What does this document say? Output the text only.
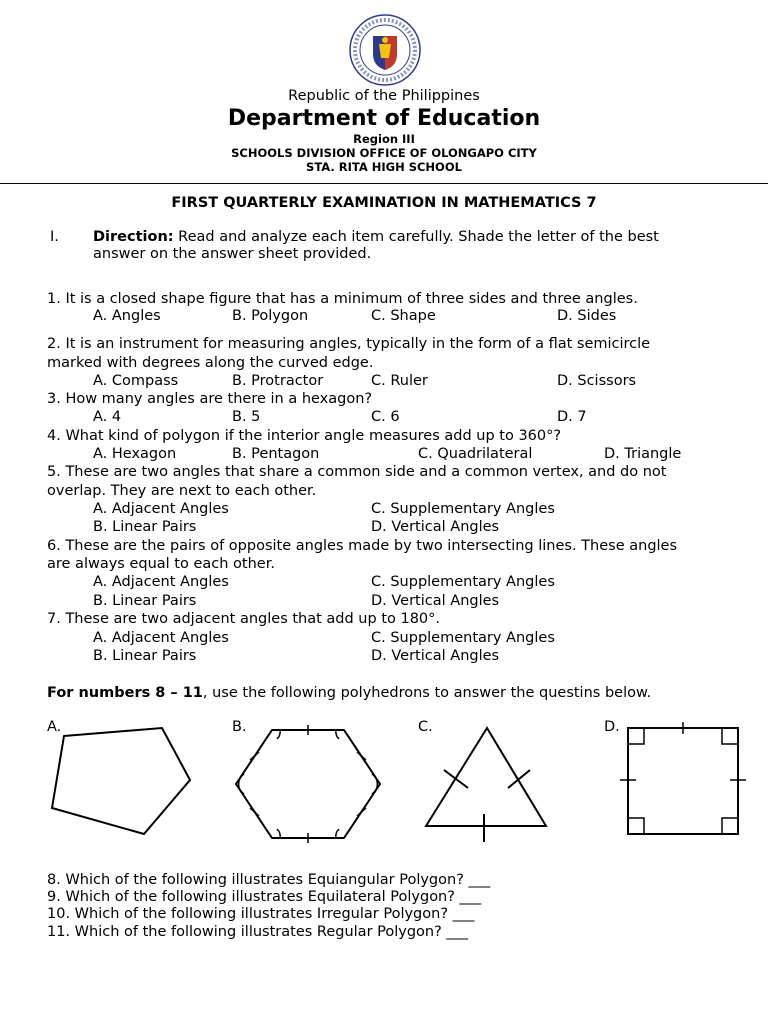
Republic of the Philippines
Department of Education
Region III
SCHOOLS DIVISION OFFICE OF OLONGAPO CITY
STA. RITA HIGH SCHOOL
FIRST QUARTERLY EXAMINATION IN MATHEMATICS 7
I. Direction: Read and analyze each item carefully. Shade the letter of the best
answer on the answer sheet provided.
1. It is a closed shape figure that has a minimum of three sides and three angles.
A. Angles	B. Polygon	C. Shape	D. Sides
2. It is an instrument for measuring angles, typically in the form of a flat semicircle
marked with degrees along the curved edge.
A. Compass	B. Protractor	C. Ruler	D. Scissors
3. How many angles are there in a hexagon?
A. 4	B. 5	C. 6	D. 7
4. What kind of polygon if the interior angle measures add up to 360°?
A. Hexagon	B. Pentagon	C. Quadrilateral	D. Triangle
5. These are two angles that share a common side and a common vertex, and do not
overlap. They are next to each other.
A. Adjacent Angles	C. Supplementary Angles
B. Linear Pairs	D. Vertical Angles
6. These are the pairs of opposite angles made by two intersecting lines. These angles
are always equal to each other.
A. Adjacent Angles	C. Supplementary Angles
B. Linear Pairs	D. Vertical Angles
7. These are two adjacent angles that add up to 180°.
A. Adjacent Angles	C. Supplementary Angles
B. Linear Pairs	D. Vertical Angles
For numbers 8 – 11, use the following polyhedrons to answer the questins below.
A.	B.	C.	D.
8. Which of the following illustrates Equiangular Polygon? ___
9. Which of the following illustrates Equilateral Polygon? ___
10. Which of the following illustrates Irregular Polygon? ___
11. Which of the following illustrates Regular Polygon? ___
